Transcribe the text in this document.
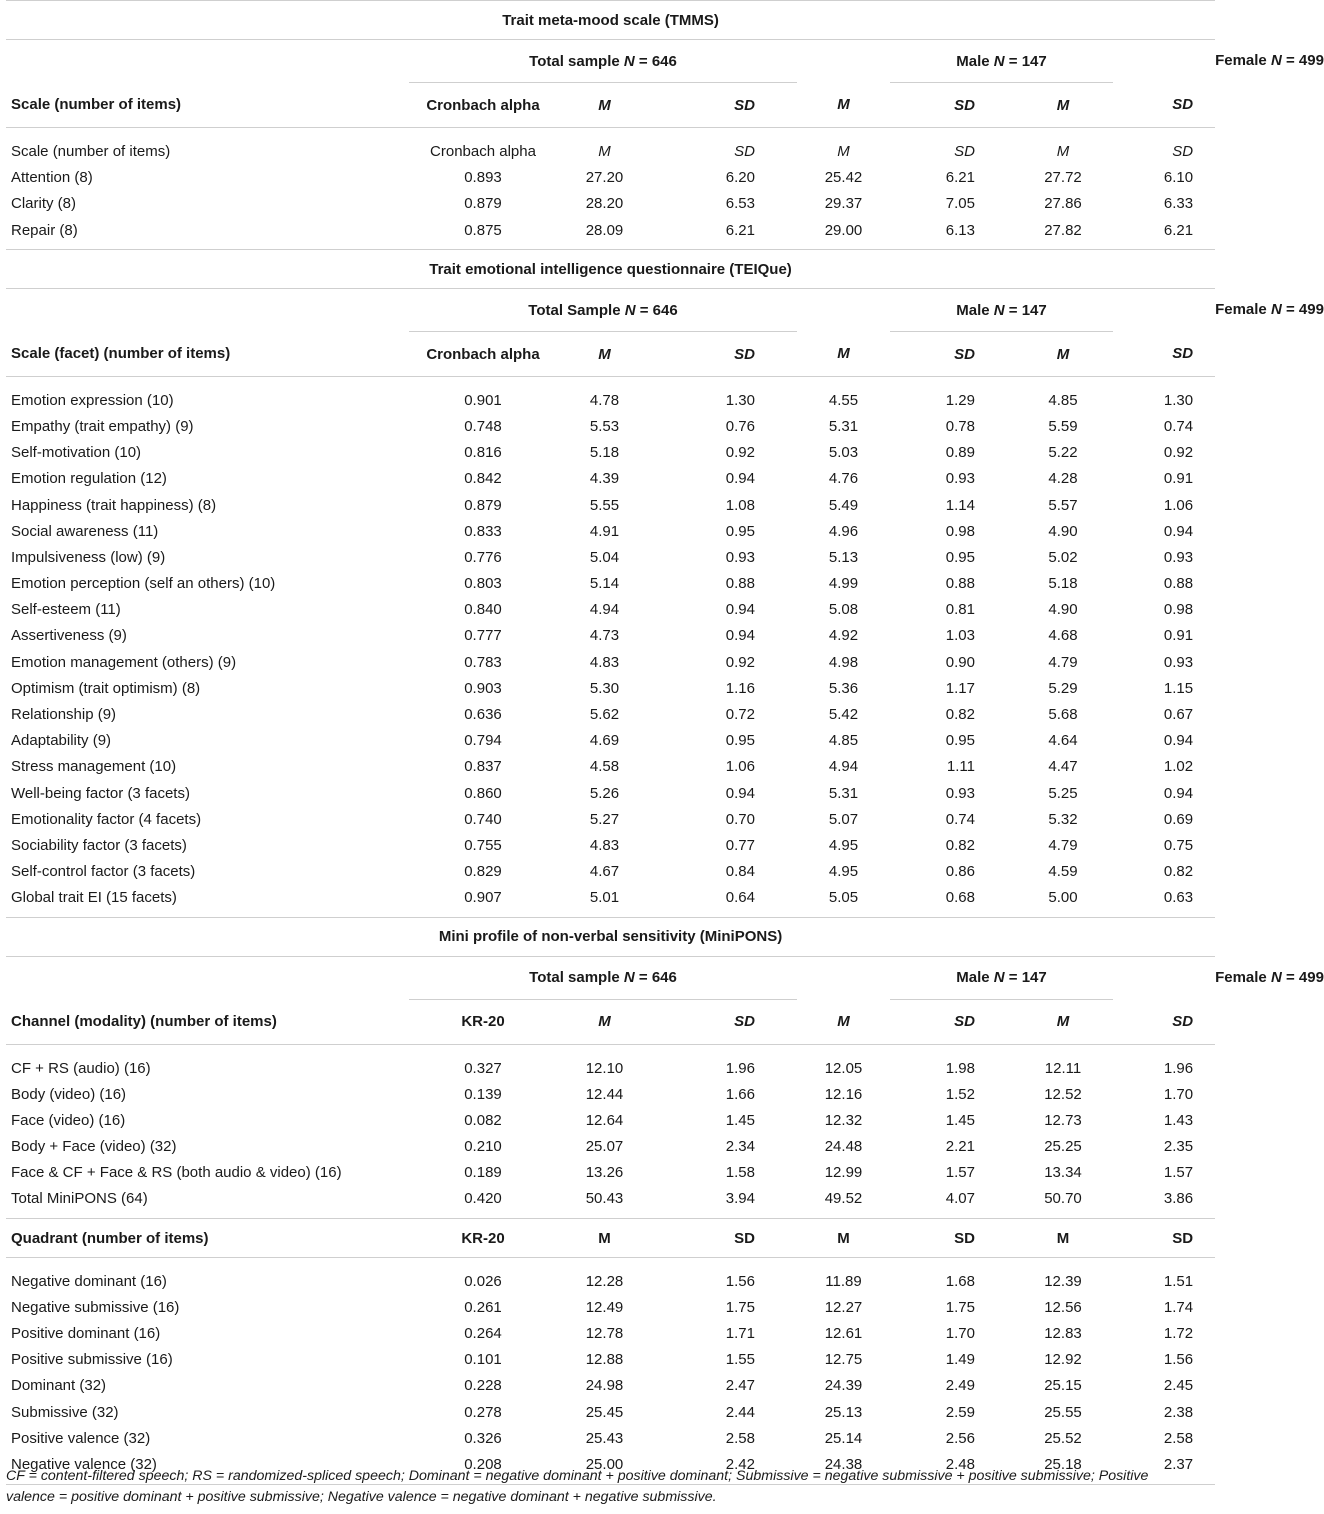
Trait meta-mood scale (TMMS)								
	Total sample N = 646				Male N = 147			Female N = 499
Scale (number of items)	Cronbach alpha	M	SD	M	SD	M	SD	

Scale (number of items)	Cronbach alpha	M	SD	M	SD	M	SD	
Attention (8)	0.893	27.20	6.20	25.42	6.21	27.72	6.10	
Clarity (8)	0.879	28.20	6.53	29.37	7.05	27.86	6.33	
Repair (8)	0.875	28.09	6.21	29.00	6.13	27.82	6.21	

Trait emotional intelligence questionnaire (TEIQue)								
	Total Sample N = 646				Male N = 147			Female N = 499
Scale (facet) (number of items)	Cronbach alpha	M	SD	M	SD	M	SD	

Emotion expression (10)	0.901	4.78	1.30	4.55	1.29	4.85	1.30	
Empathy (trait empathy) (9)	0.748	5.53	0.76	5.31	0.78	5.59	0.74	
Self-motivation (10)	0.816	5.18	0.92	5.03	0.89	5.22	0.92	
Emotion regulation (12)	0.842	4.39	0.94	4.76	0.93	4.28	0.91	
Happiness (trait happiness) (8)	0.879	5.55	1.08	5.49	1.14	5.57	1.06	
Social awareness (11)	0.833	4.91	0.95	4.96	0.98	4.90	0.94	
Impulsiveness (low) (9)	0.776	5.04	0.93	5.13	0.95	5.02	0.93	
Emotion perception (self an others) (10)	0.803	5.14	0.88	4.99	0.88	5.18	0.88	
Self-esteem (11)	0.840	4.94	0.94	5.08	0.81	4.90	0.98	
Assertiveness (9)	0.777	4.73	0.94	4.92	1.03	4.68	0.91	
Emotion management (others) (9)	0.783	4.83	0.92	4.98	0.90	4.79	0.93	
Optimism (trait optimism) (8)	0.903	5.30	1.16	5.36	1.17	5.29	1.15	
Relationship (9)	0.636	5.62	0.72	5.42	0.82	5.68	0.67	
Adaptability (9)	0.794	4.69	0.95	4.85	0.95	4.64	0.94	
Stress management (10)	0.837	4.58	1.06	4.94	1.11	4.47	1.02	
Well-being factor (3 facets)	0.860	5.26	0.94	5.31	0.93	5.25	0.94	
Emotionality factor (4 facets)	0.740	5.27	0.70	5.07	0.74	5.32	0.69	
Sociability factor (3 facets)	0.755	4.83	0.77	4.95	0.82	4.79	0.75	
Self-control factor (3 facets)	0.829	4.67	0.84	4.95	0.86	4.59	0.82	
Global trait EI (15 facets)	0.907	5.01	0.64	5.05	0.68	5.00	0.63	

Mini profile of non-verbal sensitivity (MiniPONS)								
	Total sample N = 646				Male N = 147			Female N = 499
Channel (modality) (number of items)	KR-20	M	SD	M	SD	M	SD	

CF + RS (audio) (16)	0.327	12.10	1.96	12.05	1.98	12.11	1.96	
Body (video) (16)	0.139	12.44	1.66	12.16	1.52	12.52	1.70	
Face (video) (16)	0.082	12.64	1.45	12.32	1.45	12.73	1.43	
Body + Face (video) (32)	0.210	25.07	2.34	24.48	2.21	25.25	2.35	
Face & CF + Face & RS (both audio & video) (16)	0.189	13.26	1.58	12.99	1.57	13.34	1.57	
Total MiniPONS (64)	0.420	50.43	3.94	49.52	4.07	50.70	3.86	

Quadrant (number of items)	KR-20	M	SD	M	SD	M	SD	

Negative dominant (16)	0.026	12.28	1.56	11.89	1.68	12.39	1.51	
Negative submissive (16)	0.261	12.49	1.75	12.27	1.75	12.56	1.74	
Positive dominant (16)	0.264	12.78	1.71	12.61	1.70	12.83	1.72	
Positive submissive (16)	0.101	12.88	1.55	12.75	1.49	12.92	1.56	
Dominant (32)	0.228	24.98	2.47	24.39	2.49	25.15	2.45	
Submissive (32)	0.278	25.45	2.44	25.13	2.59	25.55	2.38	
Positive valence (32)	0.326	25.43	2.58	25.14	2.56	25.52	2.58	
Negative valence (32)	0.208	25.00	2.42	24.38	2.48	25.18	2.37	

CF = content-filtered speech; RS = randomized-spliced speech; Dominant = negative dominant + positive dominant; Submissive = negative submissive + positive submissive; Positive valence = positive dominant + positive submissive; Negative valence = negative dominant + negative submissive.
